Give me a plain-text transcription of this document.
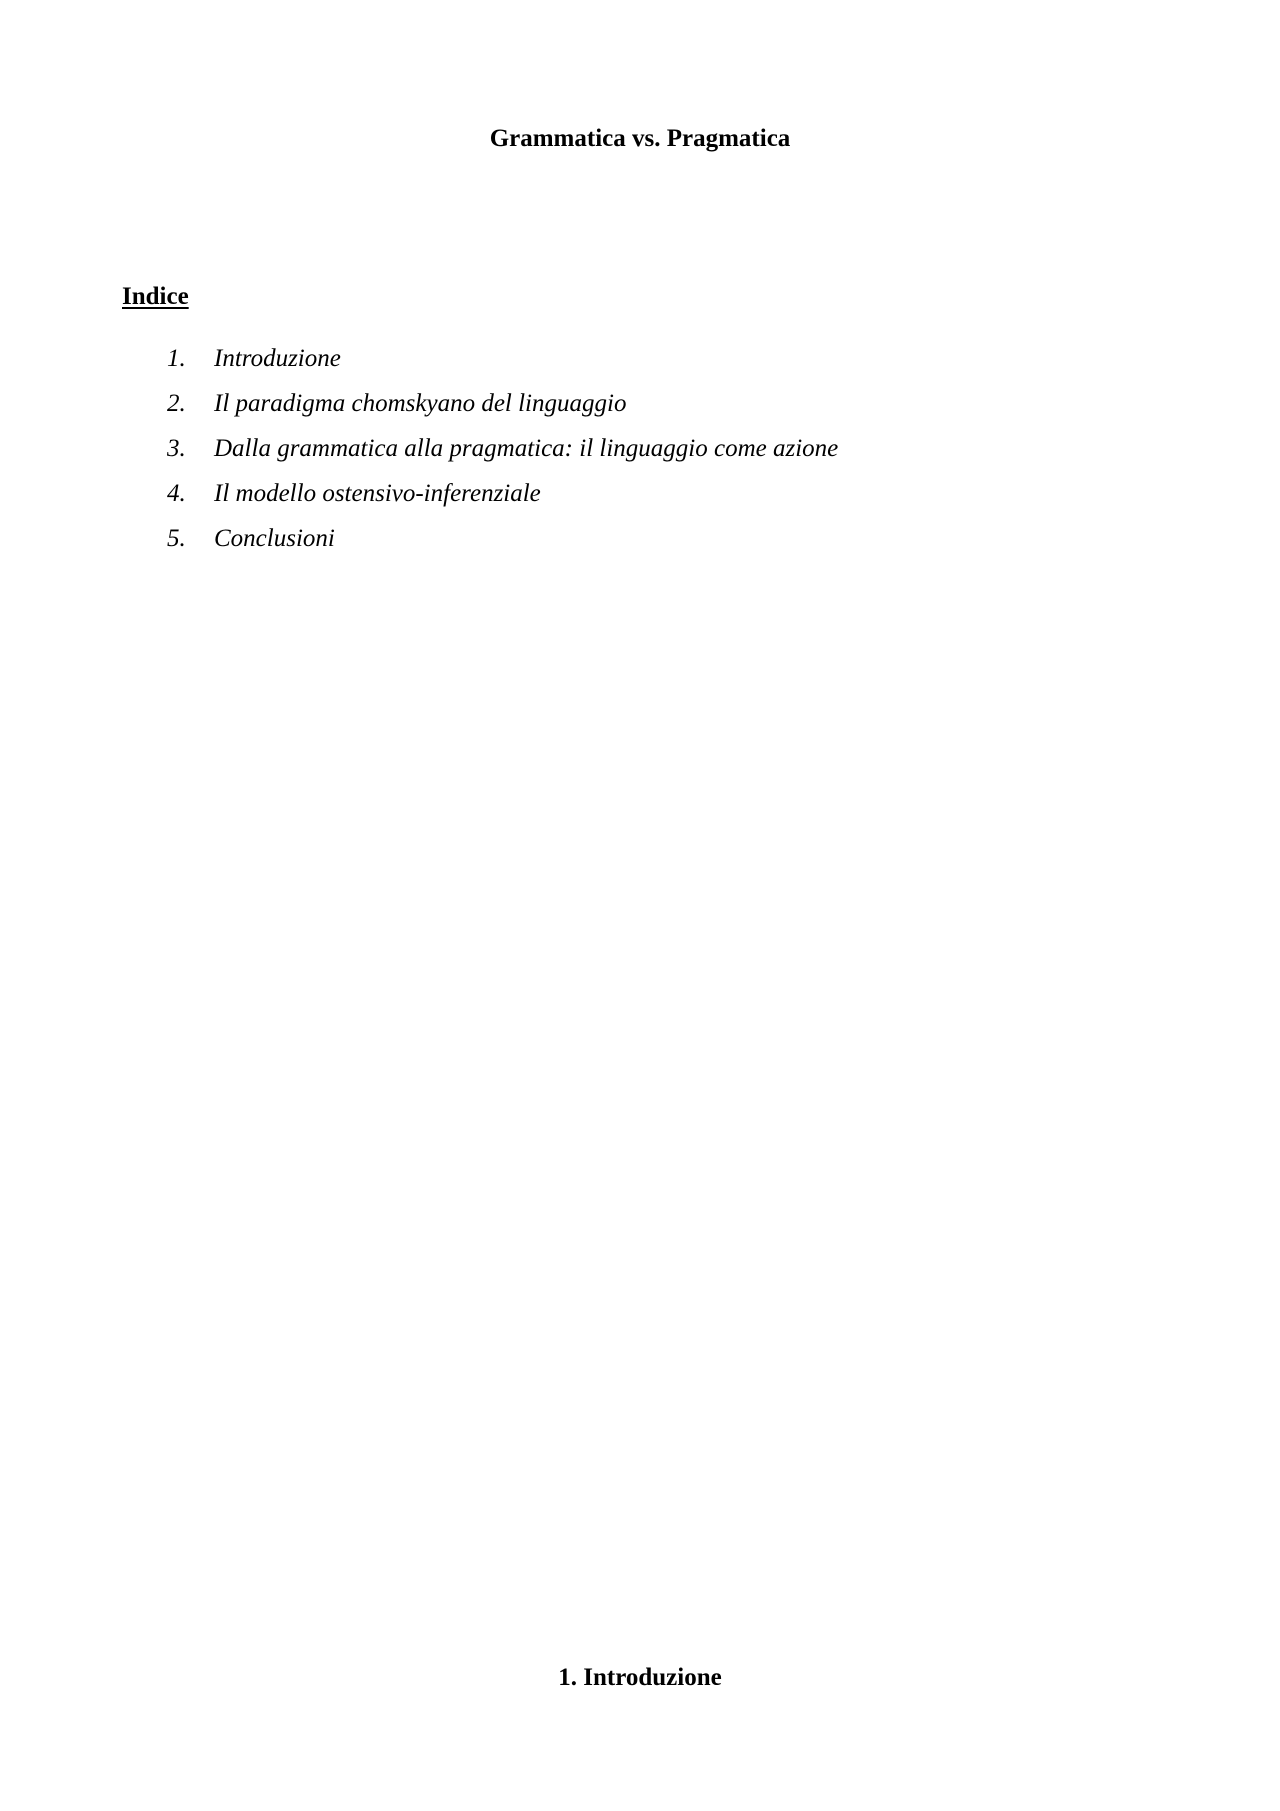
Grammatica vs. Pragmatica
Indice
1. Introduzione
2. Il paradigma chomskyano del linguaggio
3. Dalla grammatica alla pragmatica: il linguaggio come azione
4. Il modello ostensivo-inferenziale
5. Conclusioni
1. Introduzione
